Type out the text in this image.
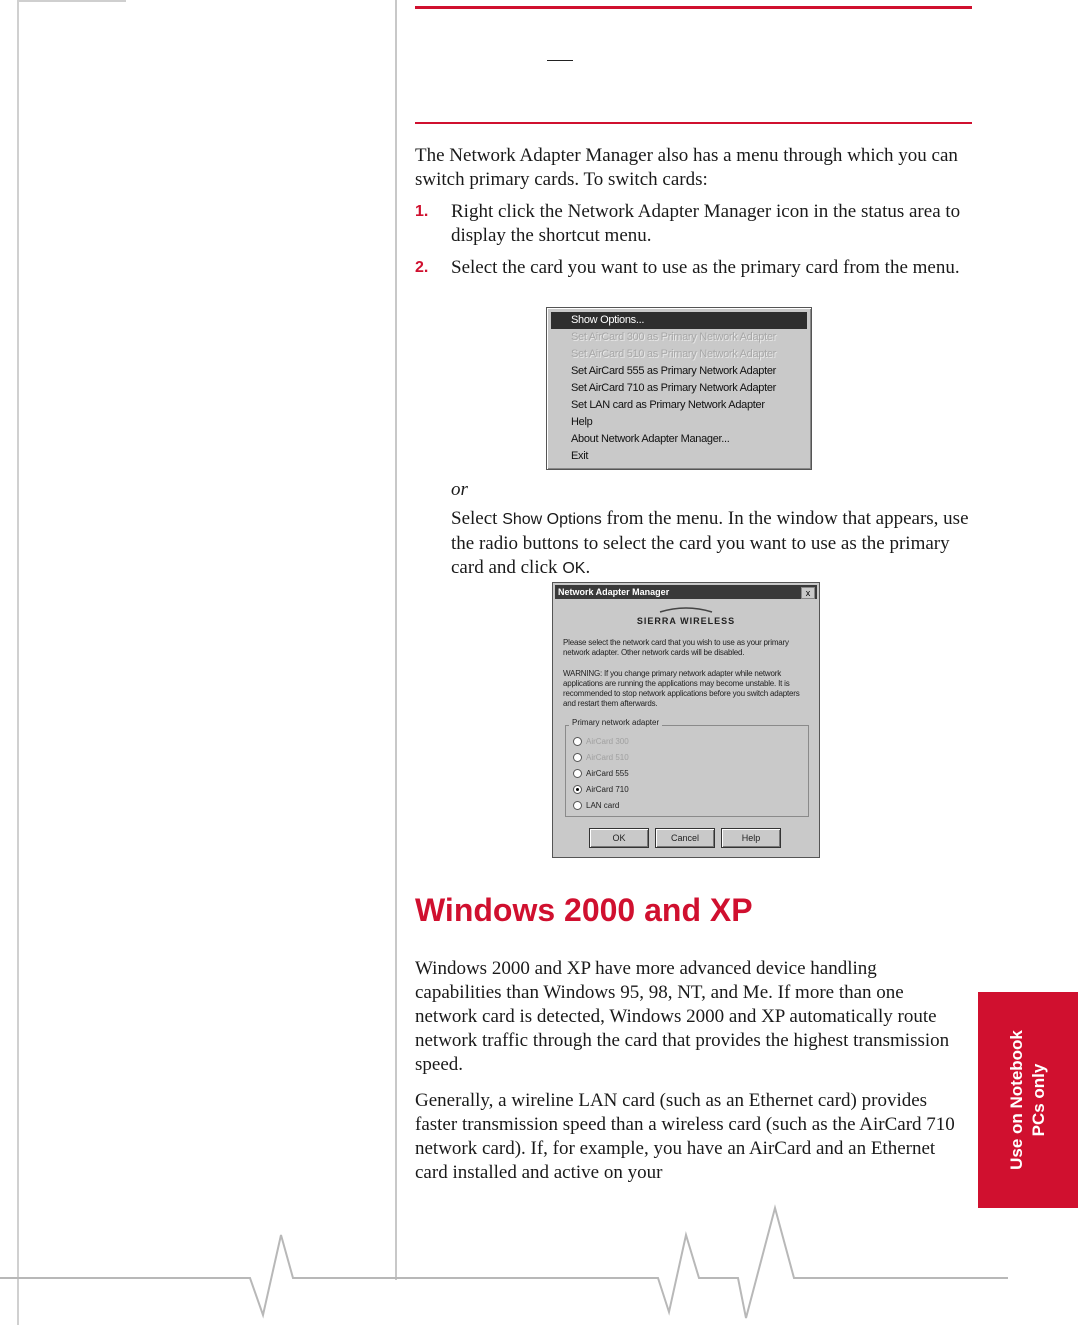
The Network Adapter Manager also has a menu through which you can switch primary cards. To switch cards:
1. Right click the Network Adapter Manager icon in the status area to display the shortcut menu.
2. Select the card you want to use as the primary card from the menu.
Show Options...
Set AirCard 300 as Primary Network Adapter
Set AirCard 510 as Primary Network Adapter
Set AirCard 555 as Primary Network Adapter
Set AirCard 710 as Primary Network Adapter
Set LAN card as Primary Network Adapter
Help
About Network Adapter Manager...
Exit
or
Select Show Options from the menu. In the window that appears, use the radio buttons to select the card you want to use as the primary card and click OK.
Network Adapter Manager	x
SIERRA WIRELESS
Please select the network card that you wish to use as your primary network adapter. Other network cards will be disabled.
WARNING: If you change primary network adapter while network applications are running the applications may become unstable. It is recommended to stop network applications before you switch adapters and restart them afterwards.
Primary network adapter
AirCard 300
AirCard 510
AirCard 555
AirCard 710
LAN card
OK	Cancel	Help
Windows 2000 and XP
Windows 2000 and XP have more advanced device handling capabilities than Windows 95, 98, NT, and Me. If more than one network card is detected, Windows 2000 and XP automatically route network traffic through the card that provides the highest transmission speed.
Generally, a wireline LAN card (such as an Ethernet card) provides faster transmission speed than a wireless card (such as the AirCard 710 network card). If, for example, you have an AirCard and an Ethernet card installed and active on your
Use on Notebook PCs only
